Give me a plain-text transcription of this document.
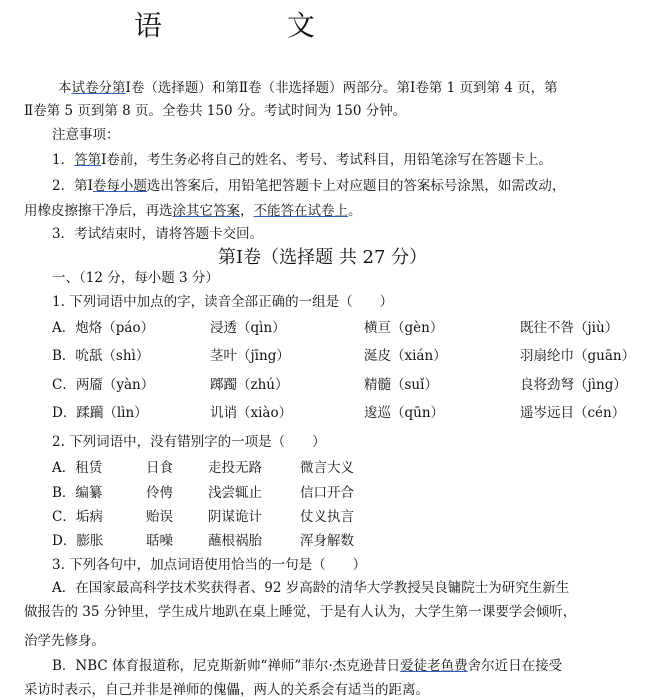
语 文
本试卷分第Ⅰ卷（选择题）和第Ⅱ卷（非选择题）两部分。第Ⅰ卷第 1 页到第 4 页，第
Ⅱ卷第 5 页到第 8 页。全卷共 150 分。考试时间为 150 分钟。
注意事项：
1．答第Ⅰ卷前，考生务必将自己的姓名、考号、考试科目，用铅笔涂写在答题卡上。
2．第Ⅰ卷每小题选出答案后，用铅笔把答题卡上对应题目的答案标号涂黑，如需改动，
用橡皮擦擦干净后，再选涂其它答案，不能答在试卷上。
3．考试结束时，请将答题卡交回。
第Ⅰ卷（选择题 共 27 分）
一、（12 分，每小题 3 分）
1. 下列词语中加点的字，读音全部正确的一组是（　　）
A．炮烙（páo）	浸透（qìn）	横亘（gèn）	既往不咎（jiù）
B．吮舐（shì）	茎叶（jīng）	涎皮（xián）	羽扇纶巾（guān）
C．两靥（yàn）	踯躅（zhú）	精髓（suǐ）	良将劲弩（jìng）
D．蹂躏（lìn）	讥诮（xiào）	逡巡（qūn）	遥岑远目（cén）
2. 下列词语中，没有错别字的一项是（　　）
A．租赁	日食	走投无路	微言大义
B．编纂	伶俜	浅尝辄止	信口开合
C．垢病	贻误	阴谋诡计	仗义执言
D．膨胀	聒噪	蘸根祸胎	浑身解数
3. 下列各句中，加点词语使用恰当的一句是（　　）
A．在国家最高科学技术奖获得者、92 岁高龄的清华大学教授吴良镛院士为研究生新生
做报告的 35 分钟里，学生成片地趴在桌上睡觉，于是有人认为，大学生第一课要学会倾听，
治学先修身。
B．NBC 体育报道称，尼克斯新帅“禅师”菲尔·杰克逊昔日爱徒老鱼费舍尔近日在接受
采访时表示，自己并非是禅师的傀儡，两人的关系会有适当的距离。
